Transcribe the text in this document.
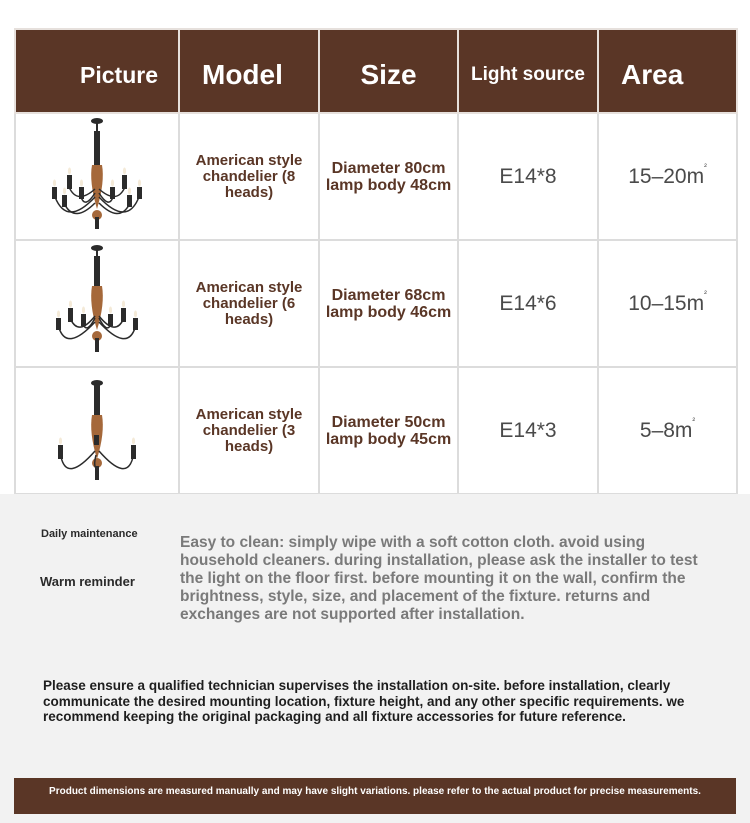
Picture	Model	Size	Light source	Area

	American style chandelier (8 heads)	Diameter 80cm lamp body 48cm	E14*8	$15-20m^{^2}$

	American style chandelier (6 heads)	Diameter 68cm lamp body 46cm	E14*6	$10-15m^{^2}$

	American style chandelier (3 heads)	Diameter 50cm lamp body 45cm	E14*3	$5-8m^{^2}$
Daily maintenance
Warm reminder
Easy to clean: simply wipe with a soft cotton cloth. avoid using household cleaners. during installation, please ask the installer to test the light on the floor first. before mounting it on the wall, confirm the brightness, style, size, and placement of the fixture. returns and exchanges are not supported after installation.
Please ensure a qualified technician supervises the installation on-site. before installation, clearly communicate the desired mounting location, fixture height, and any other specific requirements. we recommend keeping the original packaging and all fixture accessories for future reference.
Product dimensions are measured manually and may have slight variations. please refer to the actual product for precise measurements.
